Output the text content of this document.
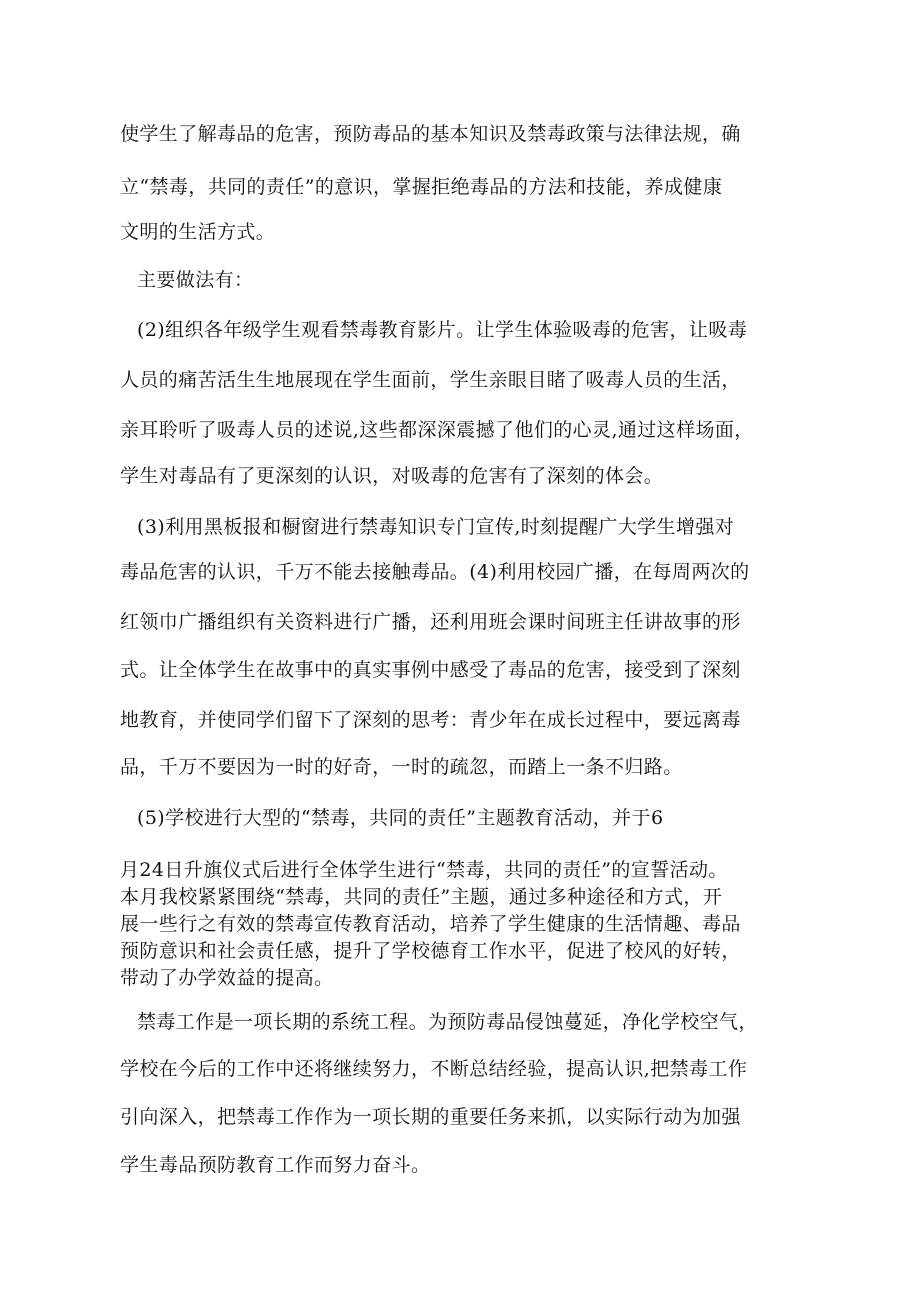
使学生了解毒品的危害，预防毒品的基本知识及禁毒政策与法律法规，确
立“禁毒，共同的责任”的意识，掌握拒绝毒品的方法和技能，养成健康
文明的生活方式。
主要做法有：
(2)组织各年级学生观看禁毒教育影片。让学生体验吸毒的危害，让吸毒
人员的痛苦活生生地展现在学生面前，学生亲眼目睹了吸毒人员的生活，
亲耳聆听了吸毒人员的述说,这些都深深震撼了他们的心灵,通过这样场面，
学生对毒品有了更深刻的认识，对吸毒的危害有了深刻的体会。
(3)利用黑板报和橱窗进行禁毒知识专门宣传,时刻提醒广大学生增强对
毒品危害的认识，千万不能去接触毒品。(4)利用校园广播，在每周两次的
红领巾广播组织有关资料进行广播，还利用班会课时间班主任讲故事的形
式。让全体学生在故事中的真实事例中感受了毒品的危害，接受到了深刻
地教育，并使同学们留下了深刻的思考：青少年在成长过程中，要远离毒
品，千万不要因为一时的好奇，一时的疏忽，而踏上一条不归路。
(5)学校进行大型的“禁毒，共同的责任”主题教育活动，并于6
月24日升旗仪式后进行全体学生进行“禁毒，共同的责任”的宣誓活动。
本月我校紧紧围绕“禁毒，共同的责任”主题，通过多种途径和方式，开
展一些行之有效的禁毒宣传教育活动，培养了学生健康的生活情趣、毒品
预防意识和社会责任感，提升了学校德育工作水平，促进了校风的好转，
带动了办学效益的提高。
禁毒工作是一项长期的系统工程。为预防毒品侵蚀蔓延，净化学校空气，
学校在今后的工作中还将继续努力，不断总结经验，提高认识,把禁毒工作
引向深入，把禁毒工作作为一项长期的重要任务来抓，以实际行动为加强
学生毒品预防教育工作而努力奋斗。
